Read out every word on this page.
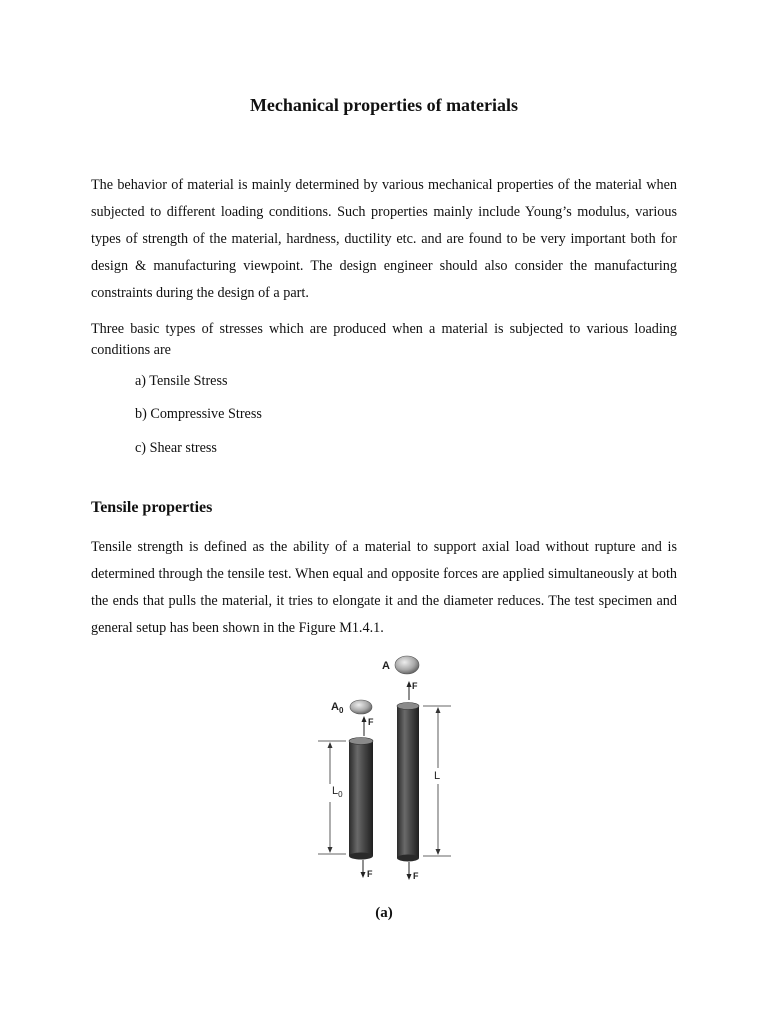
Mechanical properties of materials

The behavior of material is mainly determined by various mechanical properties of the material when subjected to different loading conditions. Such properties mainly include Young’s modulus, various types of strength of the material, hardness, ductility etc. and are found to be very important both for design & manufacturing viewpoint. The design engineer should also consider the manufacturing constraints during the design of a part.

Three basic types of stresses which are produced when a material is subjected to various loading conditions are

a) Tensile Stress
b) Compressive Stress
c) Shear stress
Tensile properties

Tensile strength is defined as the ability of a material to support axial load without rupture and is determined through the tensile test. When equal and opposite forces are applied simultaneously at both the ends that pulls the material, it tries to elongate it and the diameter reduces. The test specimen and general setup has been shown in the Figure M1.4.1.

A
$A_0$
F
F
F
F
$L_0$
L
(a)
